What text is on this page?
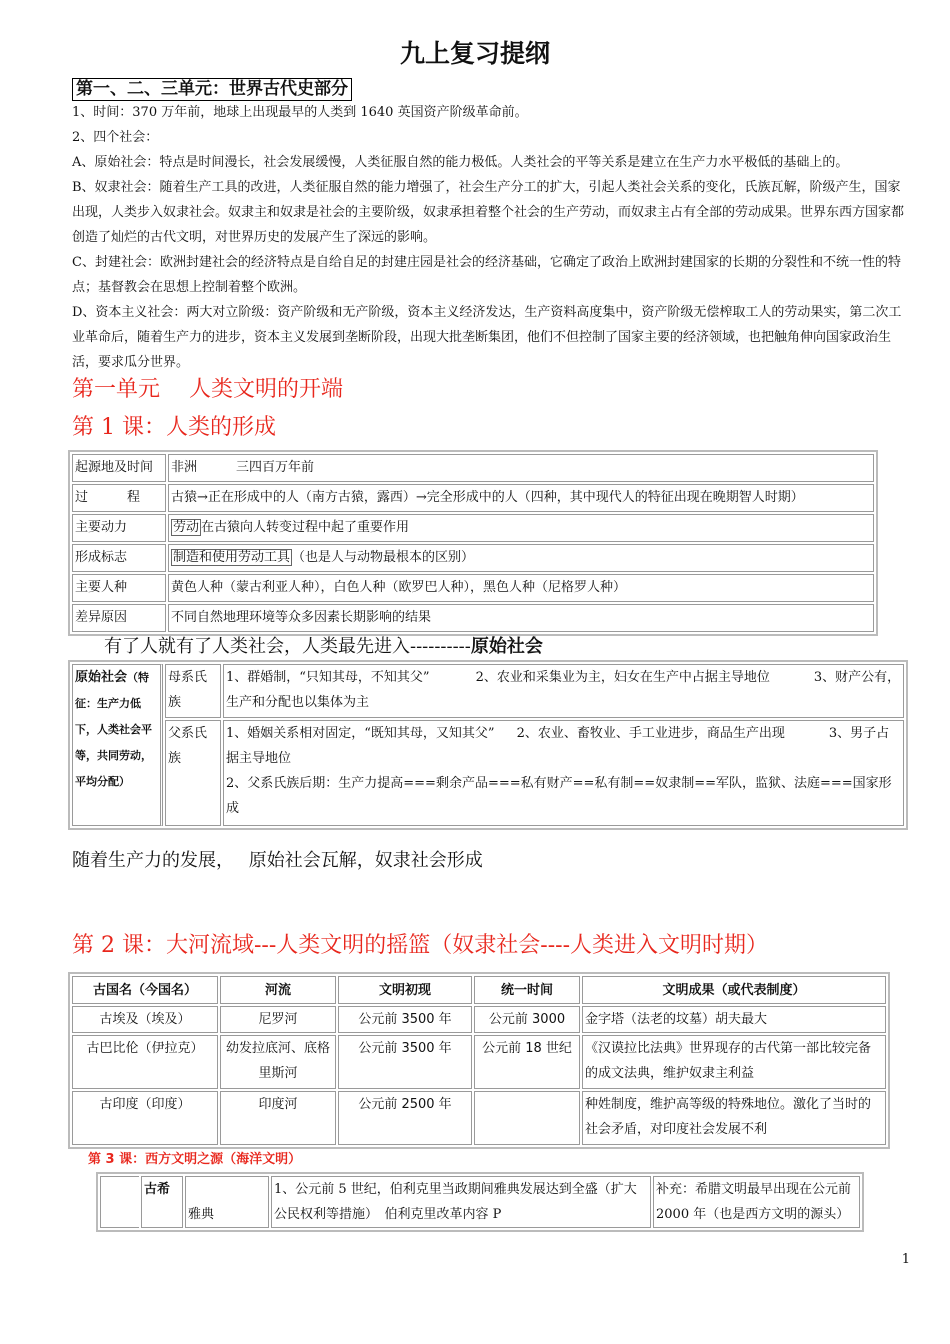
九上复习提纲
第一、二、三单元：世界古代史部分

1、时间：370 万年前，地球上出现最早的人类到 1640 英国资产阶级革命前。

2、四个社会：

A、原始社会：特点是时间漫长，社会发展缓慢，人类征服自然的能力极低。人类社会的平等关系是建立在生产力水平极低的基础上的。

B、奴隶社会：随着生产工具的改进，人类征服自然的能力增强了，社会生产分工的扩大，引起人类社会关系的变化，氏族瓦解，阶级产生，国家出现，人类步入奴隶社会。奴隶主和奴隶是社会的主要阶级，奴隶承担着整个社会的生产劳动，而奴隶主占有全部的劳动成果。世界东西方国家都创造了灿烂的古代文明，对世界历史的发展产生了深远的影响。

C、封建社会：欧洲封建社会的经济特点是自给自足的封建庄园是社会的经济基础，它确定了政治上欧洲封建国家的长期的分裂性和不统一性的特点；基督教会在思想上控制着整个欧洲。

D、资本主义社会：两大对立阶级：资产阶级和无产阶级，资本主义经济发达，生产资料高度集中，资产阶级无偿榨取工人的劳动果实，第二次工业革命后，随着生产力的进步，资本主义发展到垄断阶段，出现大批垄断集团，他们不但控制了国家主要的经济领域，也把触角伸向国家政治生活，要求瓜分世界。

第一单元　 人类文明的开端
第 1 课：人类的形成
起源地及时间	非洲　　　三四百万年前
过　　　程	古猿→正在形成中的人（南方古猿，露西）→完全形成中的人（四种，其中现代人的特征出现在晚期智人时期）
主要动力	劳动 在古猿向人转变过程中起了重要作用
形成标志	制造和使用劳动工具 （也是人与动物最根本的区别）
主要人种	黄色人种（蒙古利亚人种），白色人种（欧罗巴人种），黑色人种（尼格罗人种）
差异原因	不同自然地理环境等众多因素长期影响的结果
有了人就有了人类社会，人类最先进入----------原始社会
原始社会（特征：生产力低下，人类社会平等，共同劳动，平均分配）	母系氏族	1、群婚制，“只知其母，不知其父” 2、农业和采集业为主，妇女在生产中占据主导地位 3、财产公有，生产和分配也以集体为主
	父系氏族	1、婚姻关系相对固定，“既知其母，又知其父” 2、农业、畜牧业、手工业进步，商品生产出现 3、男子占据主导地位
2、父系氏族后期：生产力提高===剩余产品===私有财产==私有制==奴隶制==军队，监狱、法庭===国家形成
随着生产力的发展，　 原始社会瓦解，奴隶社会形成
第 2 课：大河流域---人类文明的摇篮（奴隶社会----人类进入文明时期）
古国名（今国名）	河流	文明初现	统一时间	文明成果（或代表制度）
古埃及（埃及）	尼罗河	公元前 3500 年	公元前 3000	金字塔（法老的坟墓）胡夫最大
古巴比伦（伊拉克）	幼发拉底河、底格里斯河	公元前 3500 年	公元前 18 世纪	《汉谟拉比法典》世界现存的古代第一部比较完备的成文法典，维护奴隶主利益
古印度（印度）	印度河	公元前 2500 年		种姓制度，维护高等级的特殊地位。激化了当时的社会矛盾，对印度社会发展不利
第 3 课：西方文明之源（海洋文明）
	古希	雅典	1、公元前 5 世纪，伯利克里当政期间雅典发展达到全盛（扩大公民权利等措施）　伯利克里改革内容 P	补充：希腊文明最早出现在公元前 2000 年（也是西方文明的源头）
1
